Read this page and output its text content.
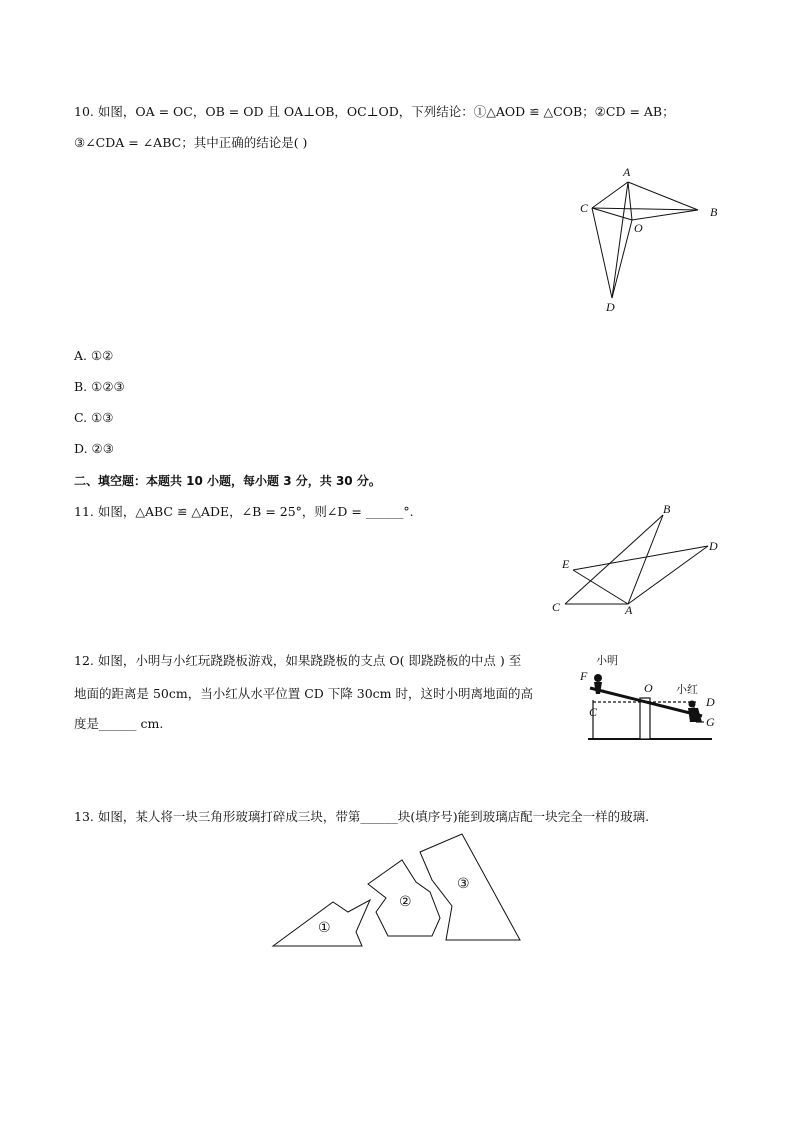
10. 如图，OA = OC，OB = OD 且 OA⊥OB，OC⊥OD，下列结论：①△AOD ≌ △COB；②CD = AB；
③∠CDA = ∠ABC；其中正确的结论是( )
A
B
C
O
D
A. ①②
B. ①②③
C. ①③
D. ②③
二、填空题：本题共 10 小题，每小题 3 分，共 30 分。
11. 如图，△ABC ≌ △ADE，∠B = 25°，则∠D = ______°.	B
D
E
C	A
12. 如图，小明与小红玩跷跷板游戏，如果跷跷板的支点 O( 即跷跷板的中点 ) 至
地面的距离是 50cm，当小红从水平位置 CD 下降 30cm 时，这时小明离地面的高
度是______ cm.
小明
小红
F
O
C
D
G
13. 如图，某人将一块三角形玻璃打碎成三块，带第______块(填序号)能到玻璃店配一块完全一样的玻璃.
①
②
③
